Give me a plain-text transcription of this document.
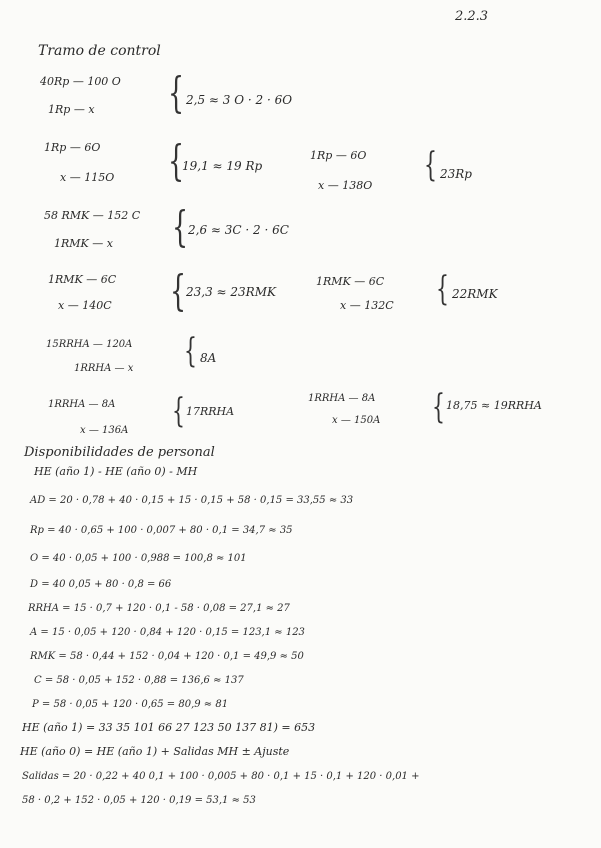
2.2.3
Tramo de control
40Rp — 100 O
1Rp — x { 2,5 ≈ 3 O · 2 · 6O
1Rp — 6O
x — 115O {
19,1 ≈ 19 Rp
1Rp — 6O
x — 138O
{ 23Rp
58 RMK — 152 C
1RMK — x { 2,6 ≈ 3C · 2 · 6C
1RMK — 6C
x — 140C { 23,3 ≈ 23RMK
1RMK — 6C
x — 132C { 22RMK
15RRHA — 120A
1RRHA — x { 8A
1RRHA — 8A
x — 136A { 17RRHA
1RRHA — 8A
x — 150A { 18,75 ≈ 19RRHA
Disponibilidades de personal
HE (año 1) - HE (año 0) - MH
AD = 20 · 0,78 + 40 · 0,15 + 15 · 0,15 + 58 · 0,15 = 33,55 ≈ 33
Rp = 40 · 0,65 + 100 · 0,007 + 80 · 0,1 = 34,7 ≈ 35
O = 40 · 0,05 + 100 · 0,988 = 100,8 ≈ 101
D = 40 0,05 + 80 · 0,8 = 66
RRHA = 15 · 0,7 + 120 · 0,1 - 58 · 0,08 = 27,1 ≈ 27
A = 15 · 0,05 + 120 · 0,84 + 120 · 0,15 = 123,1 ≈ 123
RMK = 58 · 0,44 + 152 · 0,04 + 120 · 0,1 = 49,9 ≈ 50
C = 58 · 0,05 + 152 · 0,88 = 136,6 ≈ 137
P = 58 · 0,05 + 120 · 0,65 = 80,9 ≈ 81
HE (año 1) = 33 35 101 66 27 123 50 137 81) = 653
HE (año 0) = HE (año 1) + Salidas MH ± Ajuste
Salidas = 20 · 0,22 + 40 0,1 + 100 · 0,005 + 80 · 0,1 + 15 · 0,1 + 120 · 0,01 +
58 · 0,2 + 152 · 0,05 + 120 · 0,19 = 53,1 ≈ 53
